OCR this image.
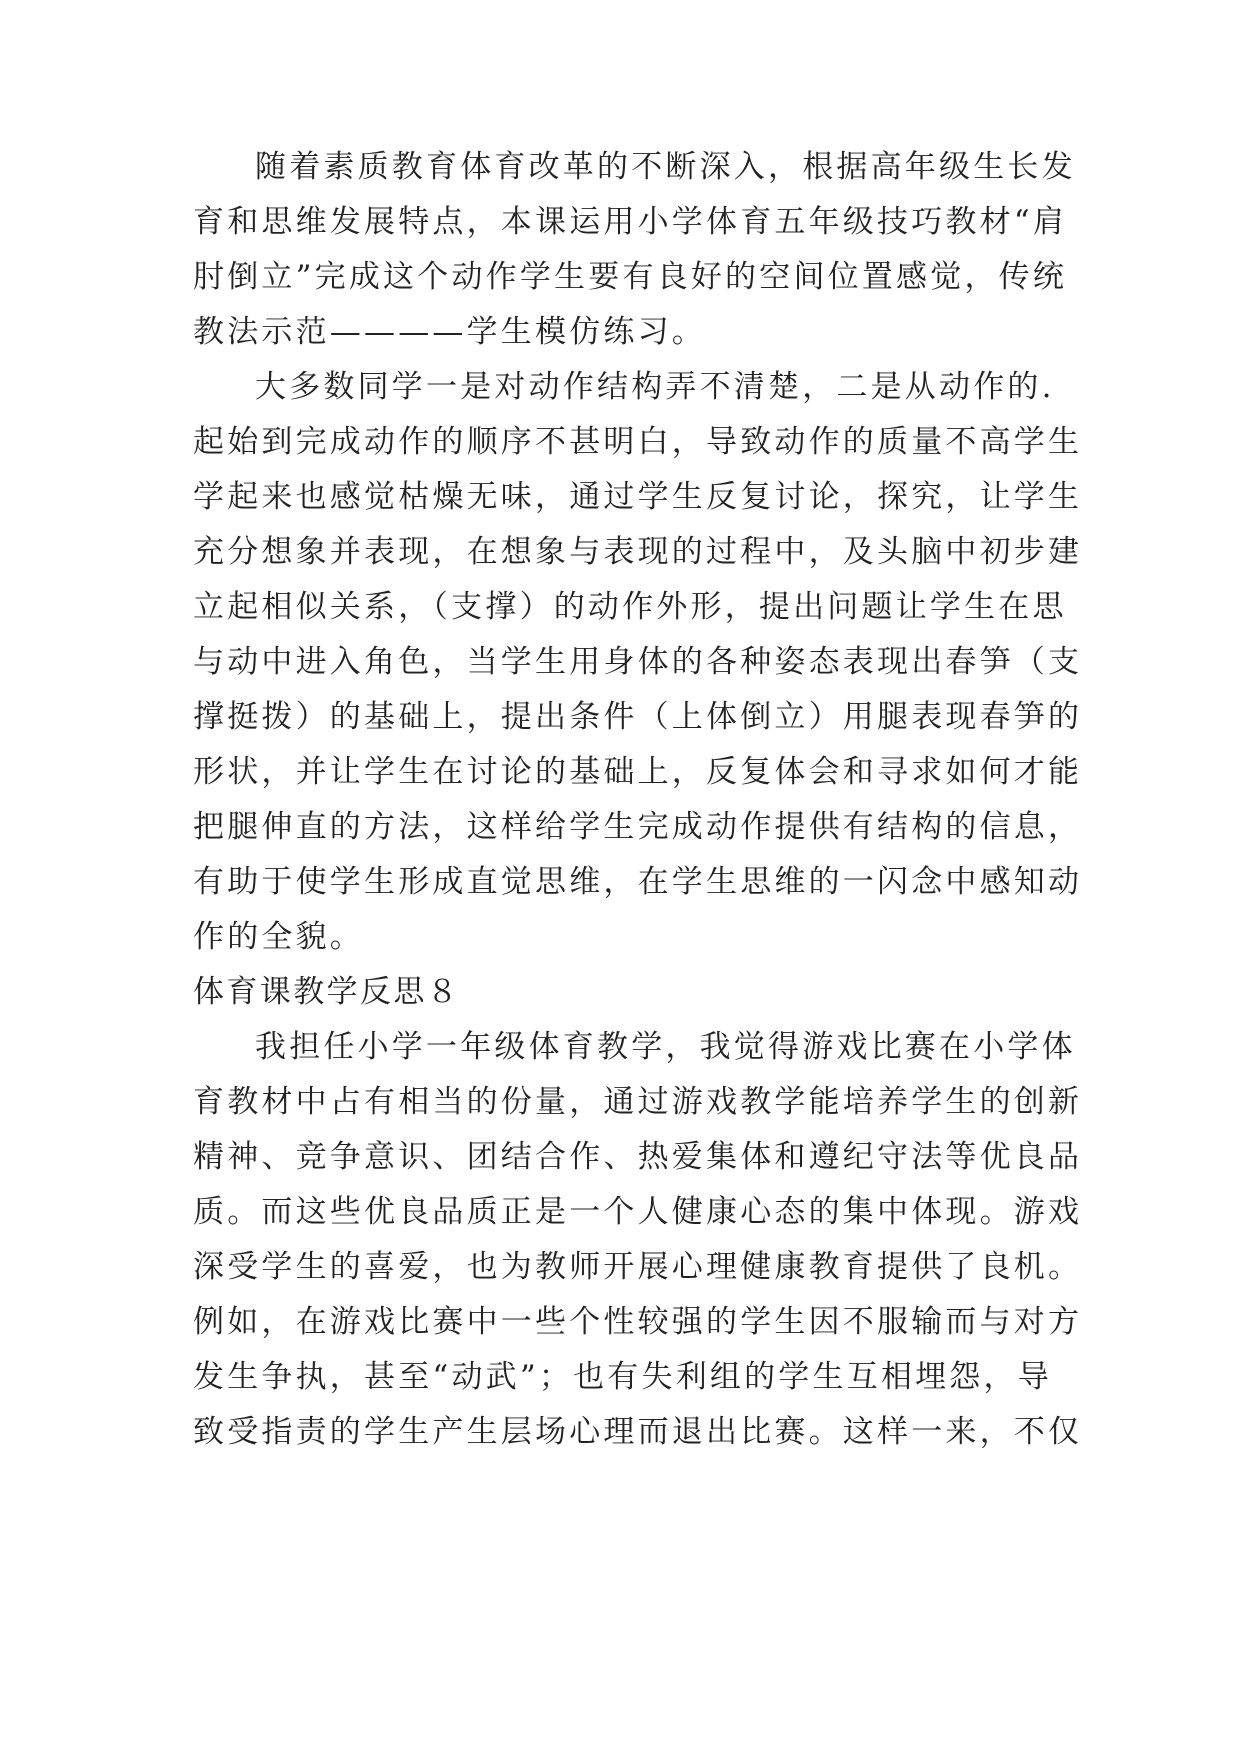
随着素质教育体育改革的不断深入，根据高年级生长发
育和思维发展特点，本课运用小学体育五年级技巧教材“肩
肘倒立”完成这个动作学生要有良好的空间位置感觉，传统
教法示范————学生模仿练习。
大多数同学一是对动作结构弄不清楚，二是从动作的.
起始到完成动作的顺序不甚明白，导致动作的质量不高学生
学起来也感觉枯燥无味，通过学生反复讨论，探究，让学生
充分想象并表现，在想象与表现的过程中，及头脑中初步建
立起相似关系，（支撑）的动作外形，提出问题让学生在思
与动中进入角色，当学生用身体的各种姿态表现出春笋（支
撑挺拨）的基础上，提出条件（上体倒立）用腿表现春笋的
形状，并让学生在讨论的基础上，反复体会和寻求如何才能
把腿伸直的方法，这样给学生完成动作提供有结构的信息，
有助于使学生形成直觉思维，在学生思维的一闪念中感知动
作的全貌。
体育课教学反思８
我担任小学一年级体育教学，我觉得游戏比赛在小学体
育教材中占有相当的份量，通过游戏教学能培养学生的创新
精神、竞争意识、团结合作、热爱集体和遵纪守法等优良品
质。而这些优良品质正是一个人健康心态的集中体现。游戏
深受学生的喜爱，也为教师开展心理健康教育提供了良机。
例如，在游戏比赛中一些个性较强的学生因不服输而与对方
发生争执，甚至“动武”；也有失利组的学生互相埋怨，导
致受指责的学生产生层场心理而退出比赛。这样一来，不仅
